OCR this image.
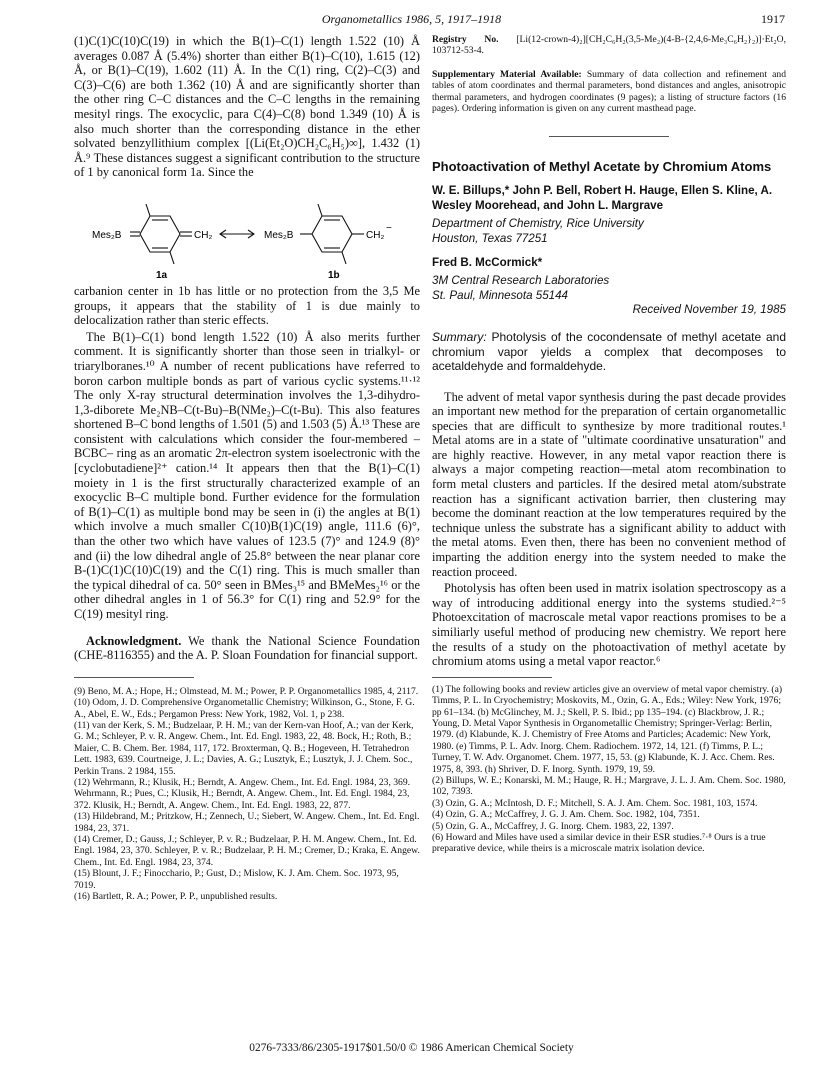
Organometallics 1986, 5, 1917–1918	1917

(1)C(1)C(10)C(19) in which the B(1)–C(1) length 1.522 (10) Å averages 0.087 Å (5.4%) shorter than either B(1)–C(10), 1.615 (12) Å, or B(1)–C(19), 1.602 (11) Å. In the C(1) ring, C(2)–C(3) and C(3)–C(6) are both 1.362 (10) Å and are significantly shorter than the other ring C–C distances and the C–C lengths in the remaining mesityl rings. The exocyclic, para C(4)–C(8) bond 1.349 (10) Å is also much shorter than the corresponding distance in the ether solvated benzyllithium complex [(Li(Et₂O)CH₂C₆H₅)∞], 1.432 (1) Å.⁹ These distances suggest a significant contribution to the structure of 1 by canonical form 1a. Since the

Mes₂B	CH₂	Mes₂B	CH₂
−
1a	1b

carbanion center in 1b has little or no protection from the 3,5 Me groups, it appears that the stability of 1 is due mainly to delocalization rather than steric effects.

The B(1)–C(1) bond length 1.522 (10) Å also merits further comment. It is significantly shorter than those seen in trialkyl- or triarylboranes.¹⁰ A number of recent publications have referred to boron carbon multiple bonds as part of various cyclic systems.¹¹·¹² The only X-ray structural determination involves the 1,3-dihydro-1,3-diborete Me₂NB–C(t-Bu)–B(NMe₂)–C(t-Bu). This also features shortened B–C bond lengths of 1.501 (5) and 1.503 (5) Å.¹³ These are consistent with calculations which consider the four-membered –BCBC– ring as an aromatic 2π-electron system isoelectronic with the [cyclobutadiene]²⁺ cation.¹⁴ It appears then that the B(1)–C(1) moiety in 1 is the first structurally characterized example of an exocyclic B–C multiple bond. Further evidence for the formulation of B(1)–C(1) as multiple bond may be seen in (i) the angles at B(1) which involve a much smaller C(10)B(1)C(19) angle, 111.6 (6)°, than the other two which have values of 123.5 (7)° and 124.9 (8)° and (ii) the low dihedral angle of 25.8° between the near planar core B-(1)C(1)C(10)C(19) and the C(1) ring. This is much smaller than the typical dihedral of ca. 50° seen in BMes₃¹⁵ and BMeMes₂¹⁶ or the other dihedral angles in 1 of 56.3° for C(1) ring and 52.9° for the C(19) mesityl ring.

Acknowledgment. We thank the National Science Foundation (CHE-8116355) and the A. P. Sloan Foundation for financial support.

(9) Beno, M. A.; Hope, H.; Olmstead, M. M.; Power, P. P. Organometallics 1985, 4, 2117.

(10) Odom, J. D. Comprehensive Organometallic Chemistry; Wilkinson, G., Stone, F. G. A., Abel, E. W., Eds.; Pergamon Press: New York, 1982, Vol. 1, p 238.

(11) van der Kerk, S. M.; Budzelaar, P. H. M.; van der Kern-van Hoof, A.; van der Kerk, G. M.; Schleyer, P. v. R. Angew. Chem., Int. Ed. Engl. 1983, 22, 48. Bock, H.; Roth, B.; Maier, C. B. Chem. Ber. 1984, 117, 172. Broxterman, Q. B.; Hogeveen, H. Tetrahedron Lett. 1983, 639. Courtneige, J. L.; Davies, A. G.; Lusztyk, E.; Lusztyk, J. J. Chem. Soc., Perkin Trans. 2 1984, 155.

(12) Wehrmann, R.; Klusik, H.; Berndt, A. Angew. Chem., Int. Ed. Engl. 1984, 23, 369. Wehrmann, R.; Pues, C.; Klusik, H.; Berndt, A. Angew. Chem., Int. Ed. Engl. 1984, 23, 372. Klusik, H.; Berndt, A. Angew. Chem., Int. Ed. Engl. 1983, 22, 877.

(13) Hildebrand, M.; Pritzkow, H.; Zennech, U.; Siebert, W. Angew. Chem., Int. Ed. Engl. 1984, 23, 371.

(14) Cremer, D.; Gauss, J.; Schleyer, P. v. R.; Budzelaar, P. H. M. Angew. Chem., Int. Ed. Engl. 1984, 23, 370. Schleyer, P. v. R.; Budzelaar, P. H. M.; Cremer, D.; Kraka, E. Angew. Chem., Int. Ed. Engl. 1984, 23, 374.

(15) Blount, J. F.; Finocchario, P.; Gust, D.; Mislow, K. J. Am. Chem. Soc. 1973, 95, 7019.

(16) Bartlett, R. A.; Power, P. P., unpublished results.

Registry No. [Li(12-crown-4)₂][CH₂C₆H₂(3,5-Me₂)(4-B-{2,4,6-Me₃C₆H₂}₂)]·Et₂O, 103712-53-4.

Supplementary Material Available: Summary of data collection and refinement and tables of atom coordinates and thermal parameters, bond distances and angles, anisotropic thermal parameters, and hydrogen coordinates (9 pages); a listing of structure factors (16 pages). Ordering information is given on any current masthead page.

Photoactivation of Methyl Acetate by Chromium Atoms

W. E. Billups,* John P. Bell, Robert H. Hauge, Ellen S. Kline, A. Wesley Moorehead, and John L. Margrave

Department of Chemistry, Rice University

Houston, Texas 77251

Fred B. McCormick*

3M Central Research Laboratories

St. Paul, Minnesota 55144

Received November 19, 1985

Summary: Photolysis of the cocondensate of methyl acetate and chromium vapor yields a complex that decomposes to acetaldehyde and formaldehyde.

The advent of metal vapor synthesis during the past decade provides an important new method for the preparation of certain organometallic species that are difficult to synthesize by more traditional routes.¹ Metal atoms are in a state of "ultimate coordinative unsaturation" and are highly reactive. However, in any metal vapor reaction there is always a major competing reaction—metal atom recombination to form metal clusters and particles. If the desired metal atom/substrate reaction has a significant activation barrier, then clustering may become the dominant reaction at the low temperatures required by the technique unless the substrate has a significant ability to adduct with the metal atoms. Even then, there has been no convenient method of imparting the addition energy into the system needed to make the reaction proceed.

Photolysis has often been used in matrix isolation spectroscopy as a way of introducing additional energy into the systems studied.²⁻⁵ Photoexcitation of macroscale metal vapor reactions promises to be a similiarly useful method of producing new chemistry. We report here the results of a study on the photoactivation of methyl acetate by chromium atoms using a metal vapor reactor.⁶

(1) The following books and review articles give an overview of metal vapor chemistry. (a) Timms, P. L. In Cryochemistry; Moskovits, M., Ozin, G. A., Eds.; Wiley: New York, 1976; pp 61–134. (b) McGlinchey, M. J.; Skell, P. S. Ibid.; pp 135–194. (c) Blackbrow, J. R.; Young, D. Metal Vapor Synthesis in Organometallic Chemistry; Springer-Verlag: Berlin, 1979. (d) Klabunde, K. J. Chemistry of Free Atoms and Particles; Academic: New York, 1980. (e) Timms, P. L. Adv. Inorg. Chem. Radiochem. 1972, 14, 121. (f) Timms, P. L.; Turney, T. W. Adv. Organomet. Chem. 1977, 15, 53. (g) Klabunde, K. J. Acc. Chem. Res. 1975, 8, 393. (h) Shriver, D. F. Inorg. Synth. 1979, 19, 59.

(2) Billups, W. E.; Konarski, M. M.; Hauge, R. H.; Margrave, J. L. J. Am. Chem. Soc. 1980, 102, 7393.

(3) Ozin, G. A.; McIntosh, D. F.; Mitchell, S. A. J. Am. Chem. Soc. 1981, 103, 1574.

(4) Ozin, G. A.; McCaffrey, J. G. J. Am. Chem. Soc. 1982, 104, 7351.

(5) Ozin, G. A., McCaffrey, J. G. Inorg. Chem. 1983, 22, 1397.

(6) Howard and Miles have used a similar device in their ESR studies.⁷·⁸ Ours is a true preparative device, while theirs is a microscale matrix isolation device.

0276-7333/86/2305-1917$01.50/0 © 1986 American Chemical Society
